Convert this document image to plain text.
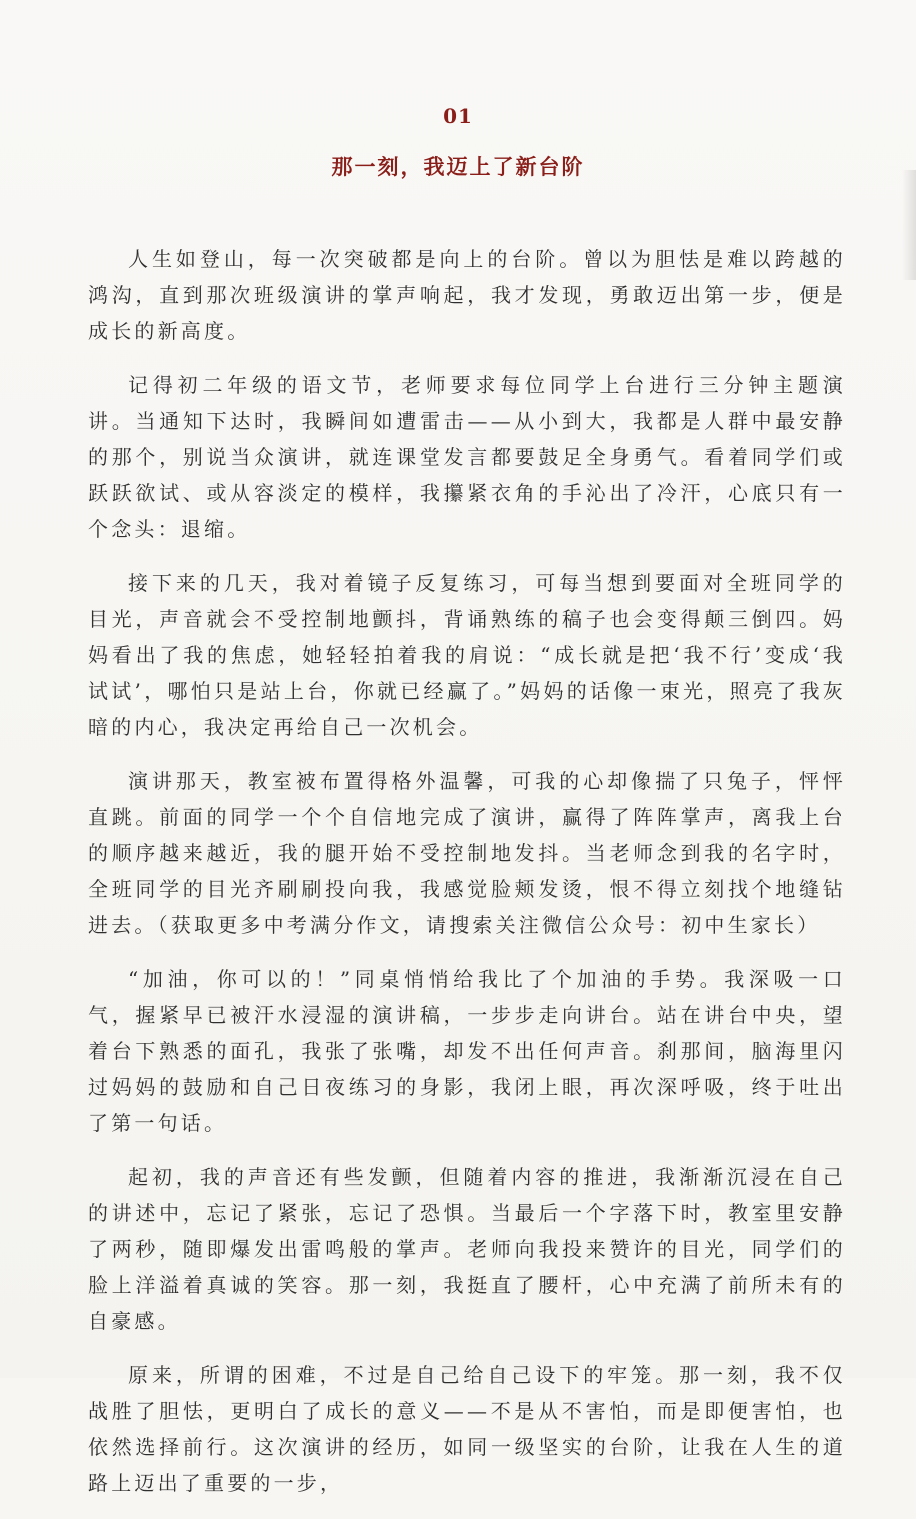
01
那一刻，我迈上了新台阶

人生如登山，每一次突破都是向上的台阶。曾以为胆怯是难以跨越的鸿沟，直到那次班级演讲的掌声响起，我才发现，勇敢迈出第一步，便是成长的新高度。

记得初二年级的语文节，老师要求每位同学上台进行三分钟主题演讲。当通知下达时，我瞬间如遭雷击——从小到大，我都是人群中最安静的那个，别说当众演讲，就连课堂发言都要鼓足全身勇气。看着同学们或跃跃欲试、或从容淡定的模样，我攥紧衣角的手沁出了冷汗，心底只有一个念头：退缩。

接下来的几天，我对着镜子反复练习，可每当想到要面对全班同学的目光，声音就会不受控制地颤抖，背诵熟练的稿子也会变得颠三倒四。妈妈看出了我的焦虑，她轻轻拍着我的肩说：“成长就是把‘我不行’变成‘我试试’，哪怕只是站上台，你就已经赢了。”妈妈的话像一束光，照亮了我灰暗的内心，我决定再给自己一次机会。

演讲那天，教室被布置得格外温馨，可我的心却像揣了只兔子，怦怦直跳。前面的同学一个个自信地完成了演讲，赢得了阵阵掌声，离我上台的顺序越来越近，我的腿开始不受控制地发抖。当老师念到我的名字时，全班同学的目光齐刷刷投向我，我感觉脸颊发烫，恨不得立刻找个地缝钻进去。（获取更多中考满分作文，请搜索关注微信公众号：初中生家长）

“加油，你可以的！”同桌悄悄给我比了个加油的手势。我深吸一口气，握紧早已被汗水浸湿的演讲稿，一步步走向讲台。站在讲台中央，望着台下熟悉的面孔，我张了张嘴，却发不出任何声音。刹那间，脑海里闪过妈妈的鼓励和自己日夜练习的身影，我闭上眼，再次深呼吸，终于吐出了第一句话。

起初，我的声音还有些发颤，但随着内容的推进，我渐渐沉浸在自己的讲述中，忘记了紧张，忘记了恐惧。当最后一个字落下时，教室里安静了两秒，随即爆发出雷鸣般的掌声。老师向我投来赞许的目光，同学们的脸上洋溢着真诚的笑容。那一刻，我挺直了腰杆，心中充满了前所未有的自豪感。

原来，所谓的困难，不过是自己给自己设下的牢笼。那一刻，我不仅战胜了胆怯，更明白了成长的意义——不是从不害怕，而是即便害怕，也依然选择前行。这次演讲的经历，如同一级坚实的台阶，让我在人生的道路上迈出了重要的一步，
